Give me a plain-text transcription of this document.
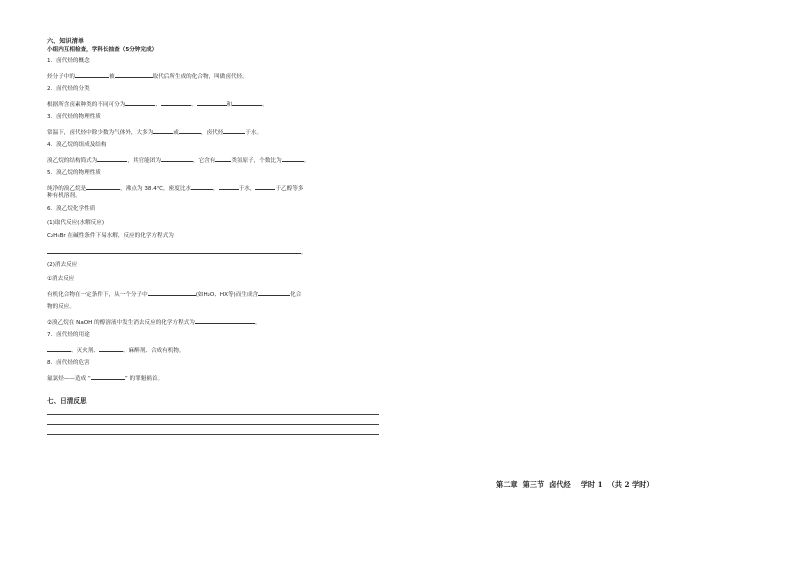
六、知识清单
小组内互相检查，学科长抽查（5分钟完成）
1．卤代烃的概念
烃分子中的	被	取代后所生成的化合物，叫做卤代烃。
2．卤代烃的分类
根据所含卤素种类的不同可分为	、	、	和	。
3．卤代烃的物理性质
常温下，卤代烃中除少数为气体外，大多为	或	，卤代烃	于水。
4．溴乙烷的组成及结构
溴乙烷的结构简式为	，其官能团为	，它含有	类氢原子，个数比为	。
5．溴乙烷的物理性质
纯净的溴乙烷是	，沸点为 38.4℃，密度比水	，	于水，	于乙醇等多
种有机溶剂。
6．溴乙烷化学性质
(1)取代反应(水解反应)
C₂H₅Br 在碱性条件下易水解，反应的化学方程式为
。
(2)消去反应
①消去反应
有机化合物在一定条件下，从一个分子中	(如H₂O、HX等)而生成含	化合
物的反应。
②溴乙烷在 NaOH 的醇溶液中发生消去反应的化学方程式为	。
7．卤代烃的用途
、灭火剂、	、麻醉剂、合成有机物。
8．卤代烃的危害
氟氯烃——造成 “	” 的罪魁祸首。
七、日清反思
第二章  第三节  卤代烃    学时 1  （共 2 学时）
